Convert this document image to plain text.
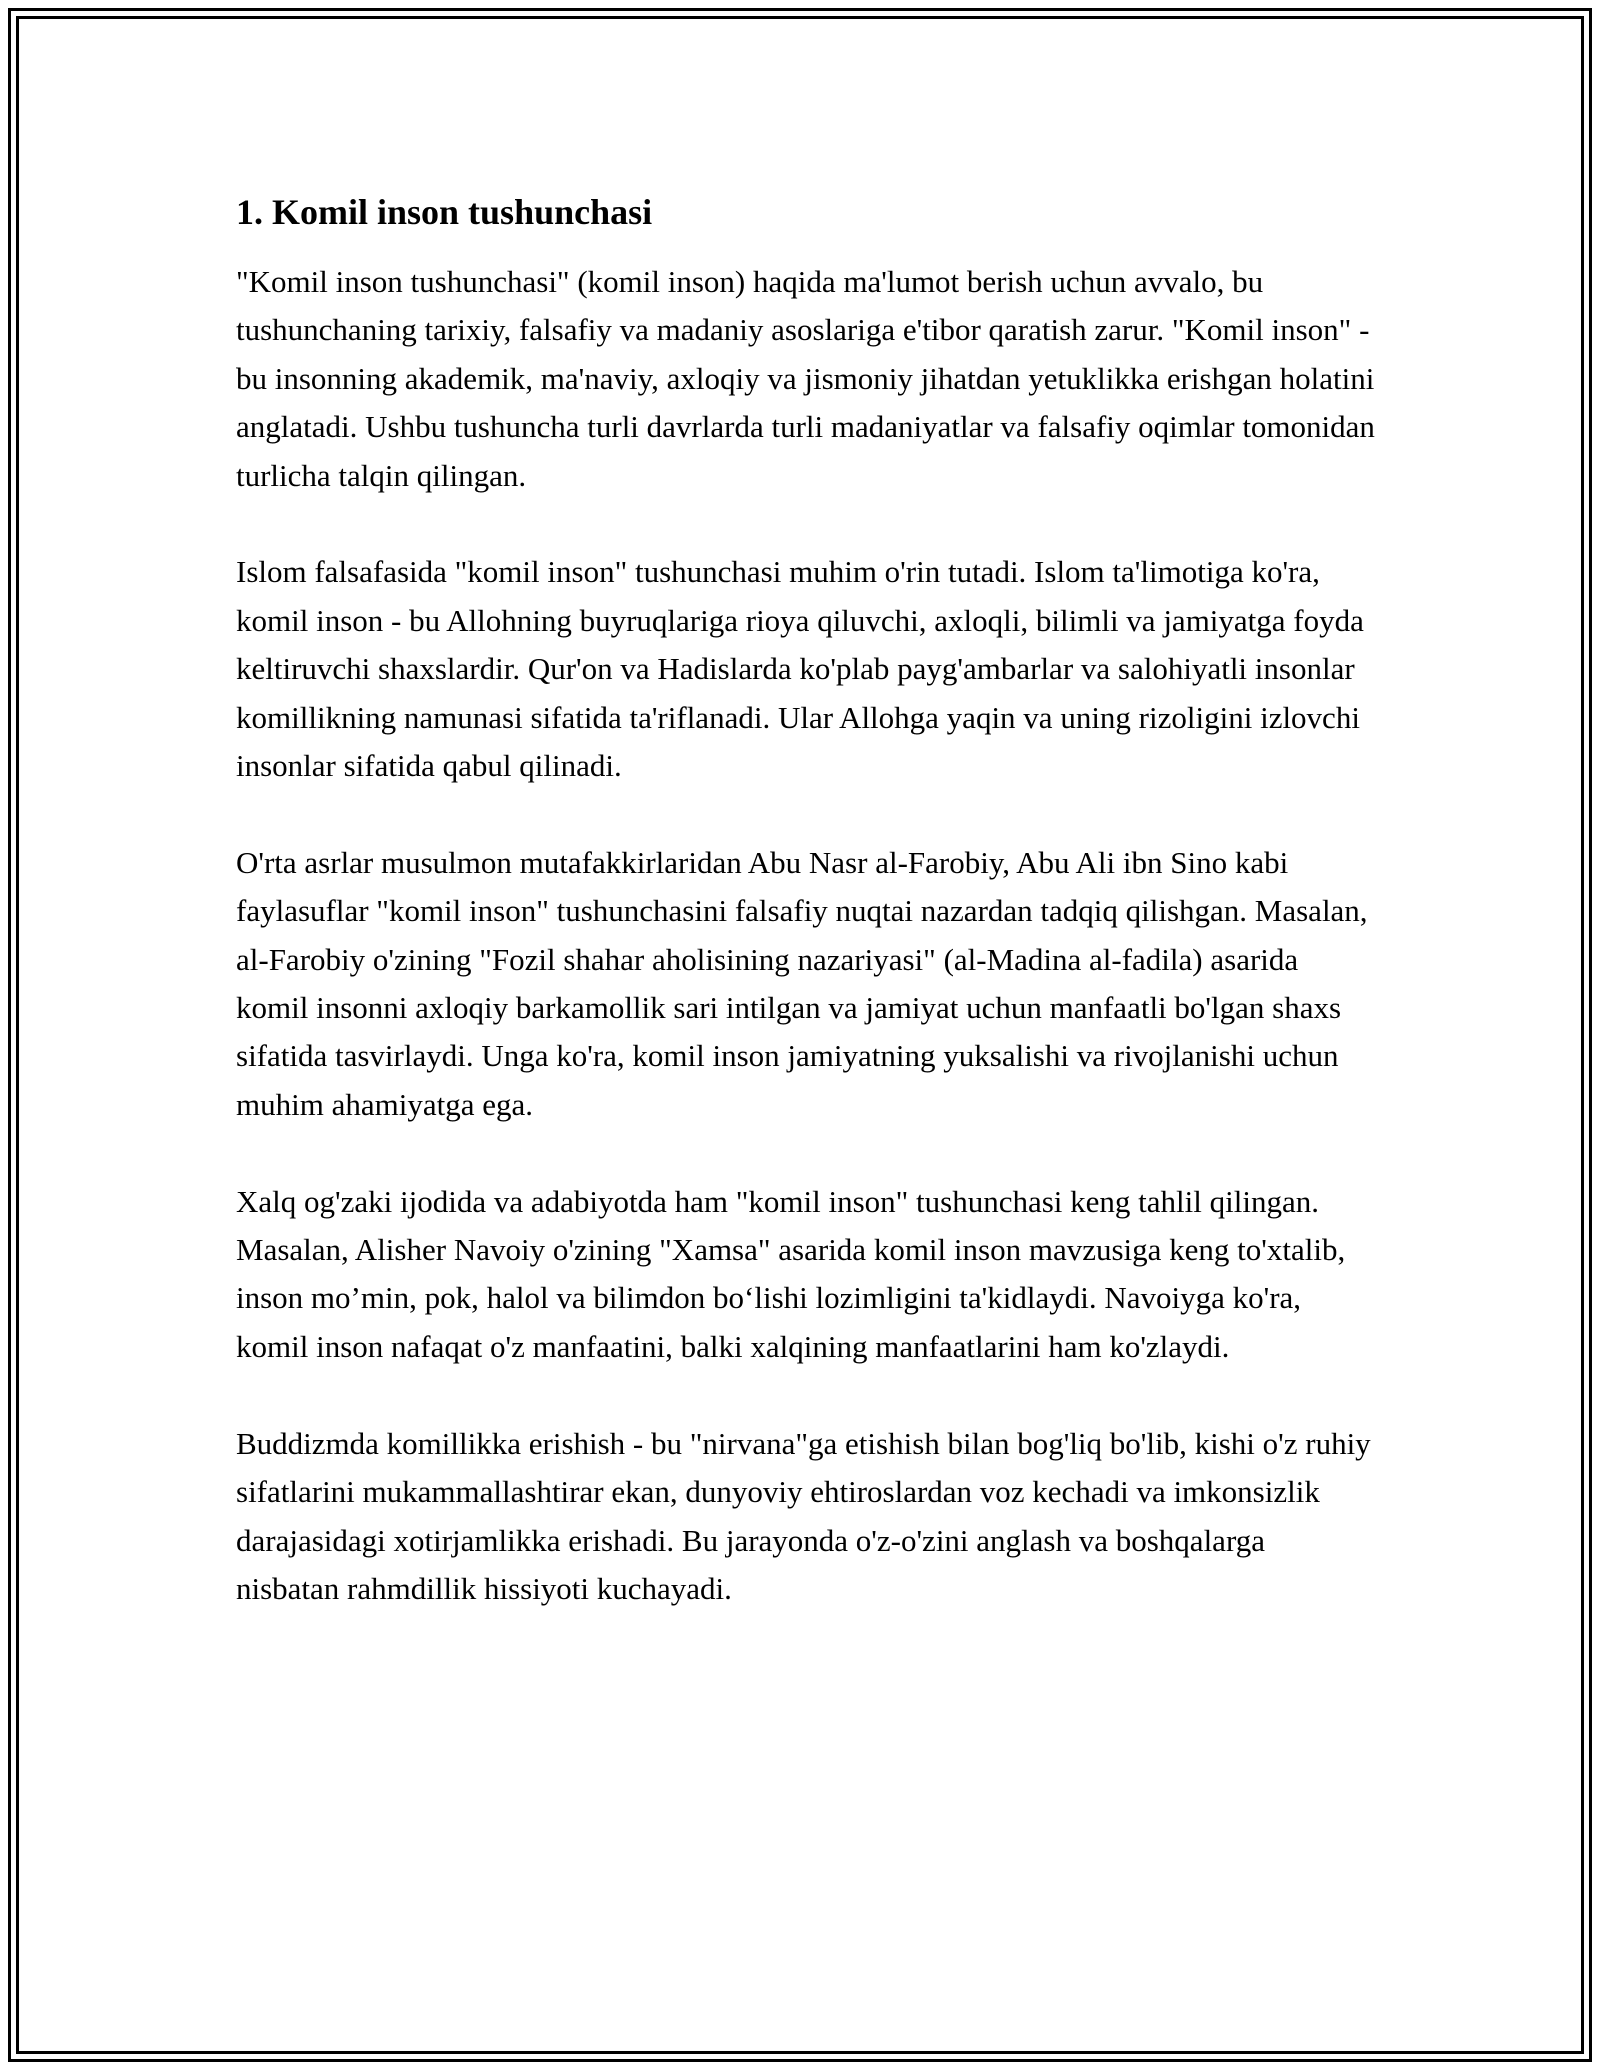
1. Komil inson tushunchasi

"Komil inson tushunchasi" (komil inson) haqida ma'lumot berish uchun avvalo, bu tushunchaning tarixiy, falsafiy va madaniy asoslariga e'tibor qaratish zarur. "Komil inson" - bu insonning akademik, ma'naviy, axloqiy va jismoniy jihatdan yetuklikka erishgan holatini anglatadi. Ushbu tushuncha turli davrlarda turli madaniyatlar va falsafiy oqimlar tomonidan turlicha talqin qilingan.

Islom falsafasida "komil inson" tushunchasi muhim o'rin tutadi. Islom ta'limotiga ko'ra, komil inson - bu Allohning buyruqlariga rioya qiluvchi, axloqli, bilimli va jamiyatga foyda keltiruvchi shaxslardir. Qur'on va Hadislarda ko'plab payg'ambarlar va salohiyatli insonlar komillikning namunasi sifatida ta'riflanadi. Ular Allohga yaqin va uning rizoligini izlovchi insonlar sifatida qabul qilinadi.

O'rta asrlar musulmon mutafakkirlaridan Abu Nasr al-Farobiy, Abu Ali ibn Sino kabi faylasuflar "komil inson" tushunchasini falsafiy nuqtai nazardan tadqiq qilishgan. Masalan, al-Farobiy o'zining "Fozil shahar aholisining nazariyasi" (al-Madina al-fadila) asarida komil insonni axloqiy barkamollik sari intilgan va jamiyat uchun manfaatli bo'lgan shaxs sifatida tasvirlaydi. Unga ko'ra, komil inson jamiyatning yuksalishi va rivojlanishi uchun muhim ahamiyatga ega.

Xalq og'zaki ijodida va adabiyotda ham "komil inson" tushunchasi keng tahlil qilingan. Masalan, Alisher Navoiy o'zining "Xamsa" asarida komil inson mavzusiga keng to'xtalib, inson mo’min, pok, halol va bilimdon bo‘lishi lozimligini ta'kidlaydi. Navoiyga ko'ra, komil inson nafaqat o'z manfaatini, balki xalqining manfaatlarini ham ko'zlaydi.

Buddizmda komillikka erishish - bu "nirvana"ga etishish bilan bog'liq bo'lib, kishi o'z ruhiy sifatlarini mukammallashtirar ekan, dunyoviy ehtiroslardan voz kechadi va imkonsizlik darajasidagi xotirjamlikka erishadi. Bu jarayonda o'z-o'zini anglash va boshqalarga nisbatan rahmdillik hissiyoti kuchayadi.
